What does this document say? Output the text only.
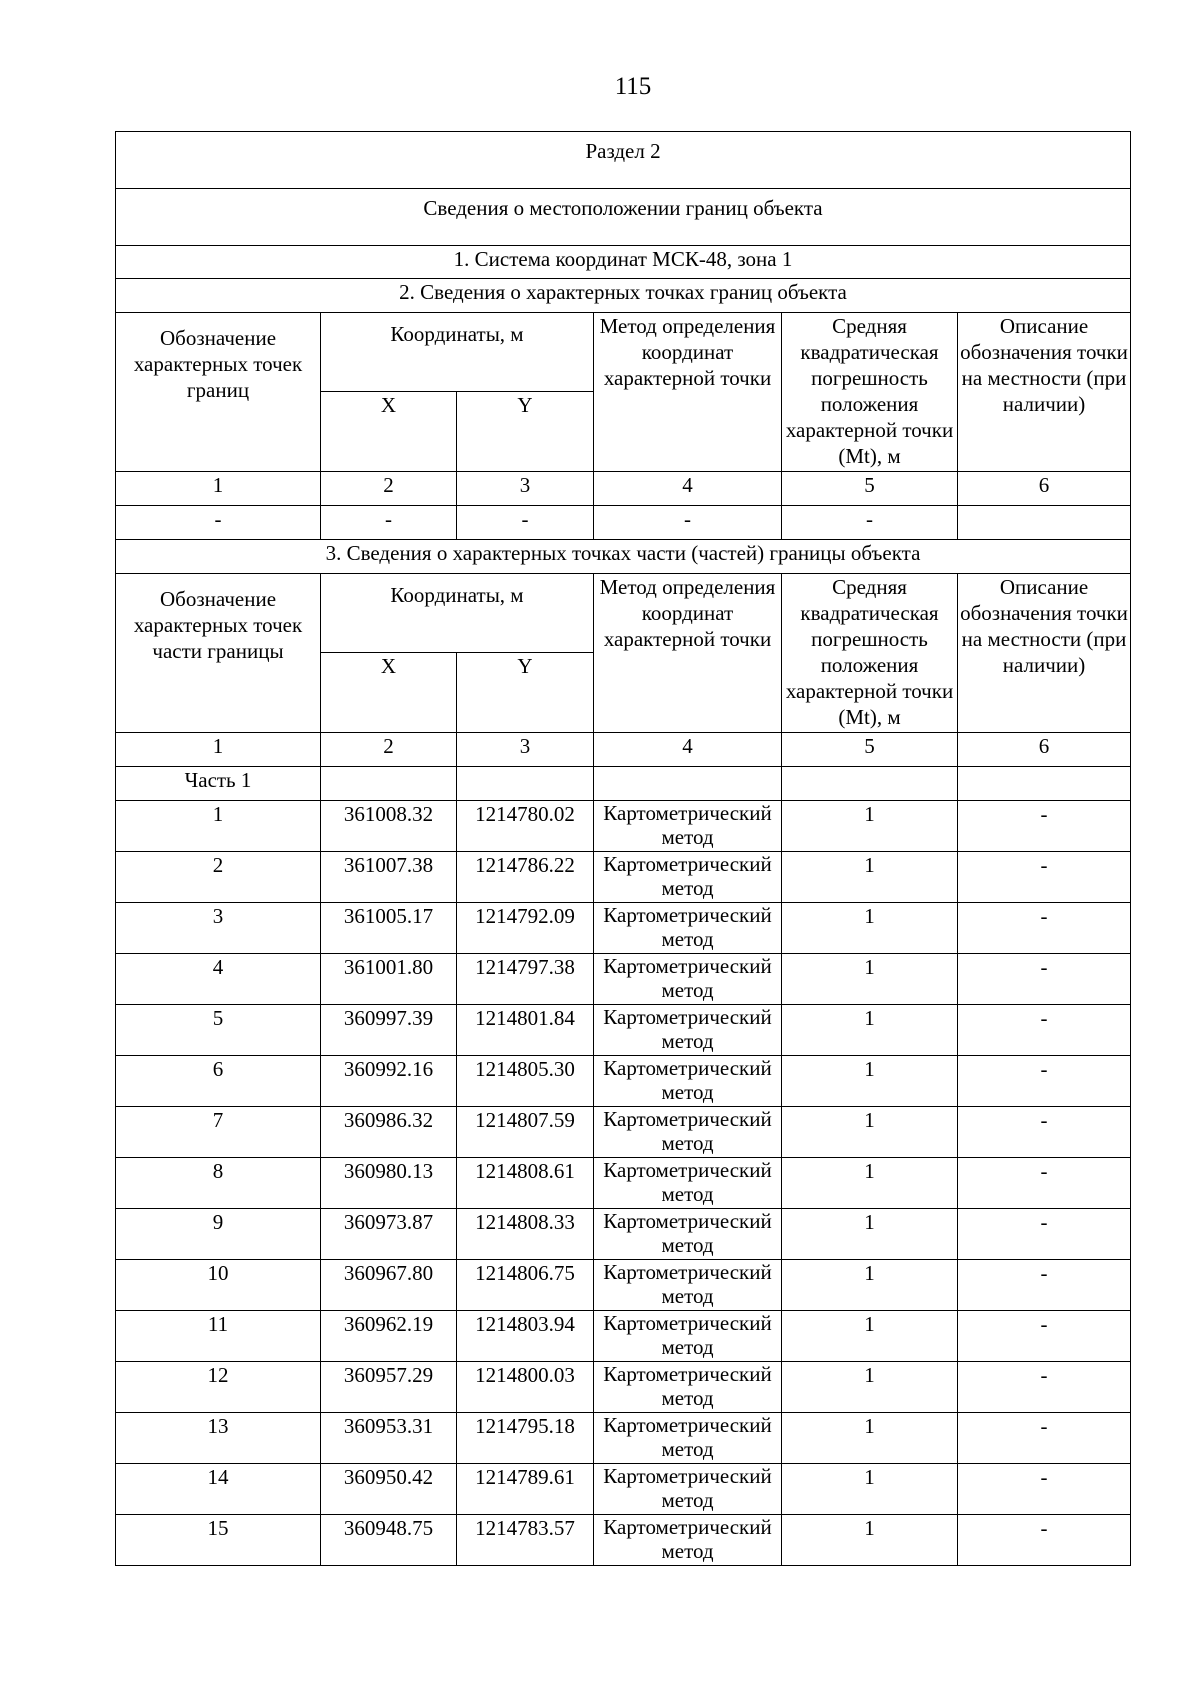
115
Раздел 2					
Сведения о местоположении границ объекта					
1. Система координат МСК-48, зона 1					
2. Сведения о характерных точках границ объекта					
Обозначение характерных точек границ	Координаты, м		Метод определения координат характерной точки	Средняя квадратическая погрешность положения характерной точки (Mt), м	Описание обозначения точки на местности (при наличии)
	X	Y			
1	2	3	4	5	6
-	-	-	-	-	
3. Сведения о характерных точках части (частей) границы объекта					
Обозначение характерных точек части границы	Координаты, м		Метод определения координат характерной точки	Средняя квадратическая погрешность положения характерной точки (Mt), м	Описание обозначения точки на местности (при наличии)
	X	Y			
1	2	3	4	5	6
Часть 1					
1	361008.32	1214780.02	Картометрический метод	1	-
2	361007.38	1214786.22	Картометрический метод	1	-
3	361005.17	1214792.09	Картометрический метод	1	-
4	361001.80	1214797.38	Картометрический метод	1	-
5	360997.39	1214801.84	Картометрический метод	1	-
6	360992.16	1214805.30	Картометрический метод	1	-
7	360986.32	1214807.59	Картометрический метод	1	-
8	360980.13	1214808.61	Картометрический метод	1	-
9	360973.87	1214808.33	Картометрический метод	1	-
10	360967.80	1214806.75	Картометрический метод	1	-
11	360962.19	1214803.94	Картометрический метод	1	-
12	360957.29	1214800.03	Картометрический метод	1	-
13	360953.31	1214795.18	Картометрический метод	1	-
14	360950.42	1214789.61	Картометрический метод	1	-
15	360948.75	1214783.57	Картометрический метод	1	-
